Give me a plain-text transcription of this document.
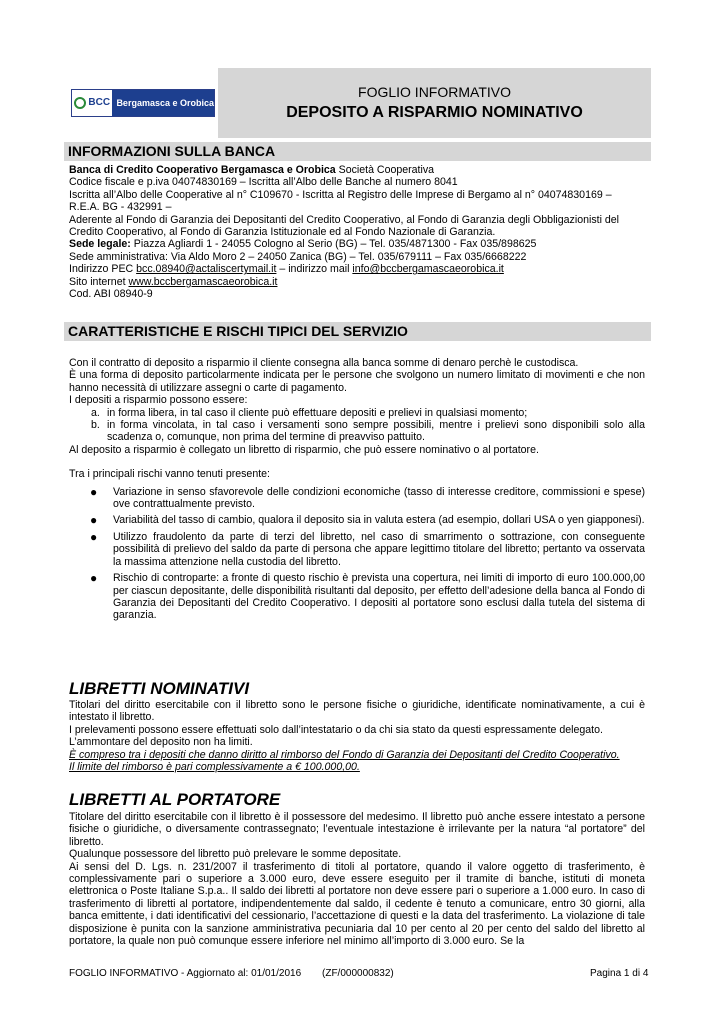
BCC Bergamasca e Orobica
FOGLIO INFORMATIVO
DEPOSITO A RISPARMIO NOMINATIVO
INFORMAZIONI SULLA BANCA

Banca di Credito Cooperativo Bergamasca e Orobica Società Cooperativa

Codice fiscale e p.iva 04074830169 – Iscritta all’Albo delle Banche al numero 8041

Iscritta all’Albo delle Cooperative al n° C109670 - Iscritta al Registro delle Imprese di Bergamo al n° 04074830169 – R.E.A. BG - 432991 –

Aderente al Fondo di Garanzia dei Depositanti del Credito Cooperativo, al Fondo di Garanzia degli Obbligazionisti del Credito Cooperativo, al Fondo di Garanzia Istituzionale ed al Fondo Nazionale di Garanzia.

Sede legale: Piazza Agliardi 1 - 24055 Cologno al Serio (BG) – Tel. 035/4871300 - Fax 035/898625

Sede amministrativa: Via Aldo Moro 2 – 24050 Zanica (BG) – Tel. 035/679111 – Fax 035/6668222

Indirizzo PEC bcc.08940@actaliscertymail.it – indirizzo mail info@bccbergamascaeorobica.it

Sito internet www.bccbergamascaeorobica.it

Cod. ABI 08940-9

CARATTERISTICHE E RISCHI TIPICI DEL SERVIZIO

Con il contratto di deposito a risparmio il cliente consegna alla banca somme di denaro perchè le custodisca.

È una forma di deposito particolarmente indicata per le persone che svolgono un numero limitato di movimenti e che non hanno necessità di utilizzare assegni o carte di pagamento.

I depositi a risparmio possono essere:

a. in forma libera, in tal caso il cliente può effettuare depositi e prelievi in qualsiasi momento;

b. in forma vincolata, in tal caso i versamenti sono sempre possibili, mentre i prelievi sono disponibili solo alla scadenza o, comunque, non prima del termine di preavviso pattuito.

Al deposito a risparmio è collegato un libretto di risparmio, che può essere nominativo o al portatore.

Tra i principali rischi vanno tenuti presente:

● Variazione in senso sfavorevole delle condizioni economiche (tasso di interesse creditore, commissioni e spese) ove contrattualmente previsto.
● Variabilità del tasso di cambio, qualora il deposito sia in valuta estera (ad esempio, dollari USA o yen giapponesi).
● Utilizzo fraudolento da parte di terzi del libretto, nel caso di smarrimento o sottrazione, con conseguente possibilità di prelievo del saldo da parte di persona che appare legittimo titolare del libretto; pertanto va osservata la massima attenzione nella custodia del libretto.
● Rischio di controparte: a fronte di questo rischio è prevista una copertura, nei limiti di importo di euro 100.000,00 per ciascun depositante, delle disponibilità risultanti dal deposito, per effetto dell’adesione della banca al Fondo di Garanzia dei Depositanti del Credito Cooperativo. I depositi al portatore sono esclusi dalla tutela del sistema di garanzia.
LIBRETTI NOMINATIVI

Titolari del diritto esercitabile con il libretto sono le persone fisiche o giuridiche, identificate nominativamente, a cui è intestato il libretto.

I prelevamenti possono essere effettuati solo dall’intestatario o da chi sia stato da questi espressamente delegato.

L’ammontare del deposito non ha limiti.

È compreso tra i depositi che danno diritto al rimborso del Fondo di Garanzia dei Depositanti del Credito Cooperativo.

Il limite del rimborso è pari complessivamente a € 100.000,00.

LIBRETTI AL PORTATORE

Titolare del diritto esercitabile con il libretto è il possessore del medesimo. Il libretto può anche essere intestato a persone fisiche o giuridiche, o diversamente contrassegnato; l’eventuale intestazione è irrilevante per la natura “al portatore” del libretto.

Qualunque possessore del libretto può prelevare le somme depositate.

Ai sensi del D. Lgs. n. 231/2007 il trasferimento di titoli al portatore, quando il valore oggetto di trasferimento, è complessivamente pari o superiore a 3.000 euro, deve essere eseguito per il tramite di banche, istituti di moneta elettronica o Poste Italiane S.p.a.. Il saldo dei libretti al portatore non deve essere pari o superiore a 1.000 euro. In caso di trasferimento di libretti al portatore, indipendentemente dal saldo, il cedente è tenuto a comunicare, entro 30 giorni, alla banca emittente, i dati identificativi del cessionario, l’accettazione di questi e la data del trasferimento. La violazione di tale disposizione è punita con la sanzione amministrativa pecuniaria dal 10 per cento al 20 per cento del saldo del libretto al portatore, la quale non può comunque essere inferiore nel minimo all’importo di 3.000 euro. Se la

FOGLIO INFORMATIVO - Aggiornato al: 01/01/2016 (ZF/000000832)	Pagina 1 di 4
